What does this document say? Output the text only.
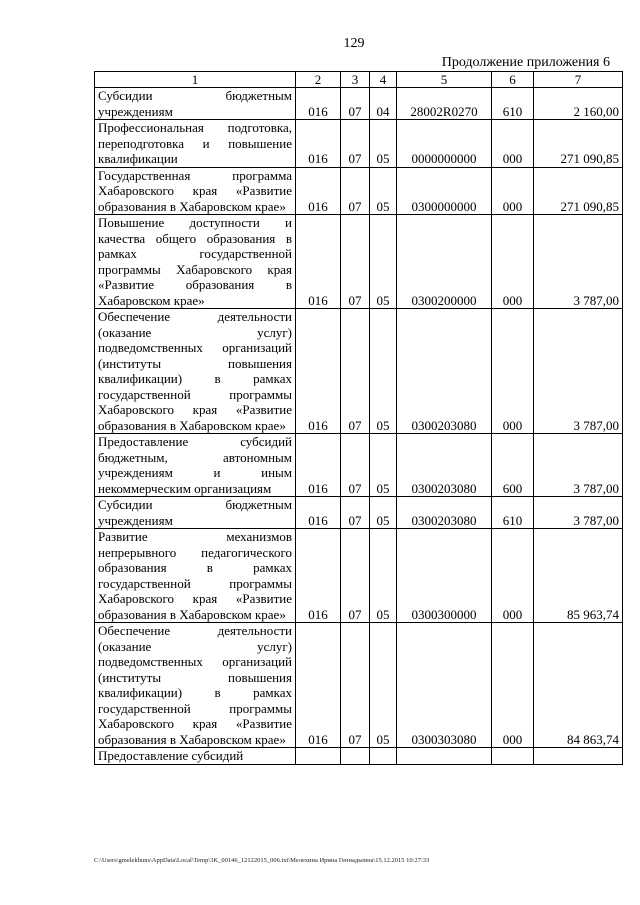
129
Продолжение приложения 6
1	2	3	4	5	6	7
Субсидии бюджетным учреждениям	016	07	04	28002R0270	610	2 160,00
Профессиональная подготовка, переподготовка и повышение квалификации	016	07	05	0000000000	000	271 090,85
Государственная программа Хабаровского края «Развитие образования в Хабаровском крае»	016	07	05	0300000000	000	271 090,85
Повышение доступности и качества общего образования в рамках государственной программы Хабаровского края «Развитие образования в Хабаровском крае»	016	07	05	0300200000	000	3 787,00
Обеспечение деятельности (оказание услуг) подведомственных организаций (институты повышения квалификации) в рамках государственной программы Хабаровского края «Развитие образования в Хабаровском крае»	016	07	05	0300203080	000	3 787,00
Предоставление субсидий бюджетным, автономным учреждениям и иным некоммерческим организациям	016	07	05	0300203080	600	3 787,00
Субсидии бюджетным учреждениям	016	07	05	0300203080	610	3 787,00
Развитие механизмов непрерывного педагогического образования в рамках государственной программы Хабаровского края «Развитие образования в Хабаровском крае»	016	07	05	0300300000	000	85 963,74
Обеспечение деятельности (оказание услуг) подведомственных организаций (институты повышения квалификации) в рамках государственной программы Хабаровского края «Развитие образования в Хабаровском крае»	016	07	05	0300303080	000	84 863,74
Предоставление субсидий						
C:\Users\gmelekhuns\AppData\Local\Temp\3K_00146_12122015_006.txt\Мелехина Ирина Геннадьевна\15.12.2015 10:27:33
